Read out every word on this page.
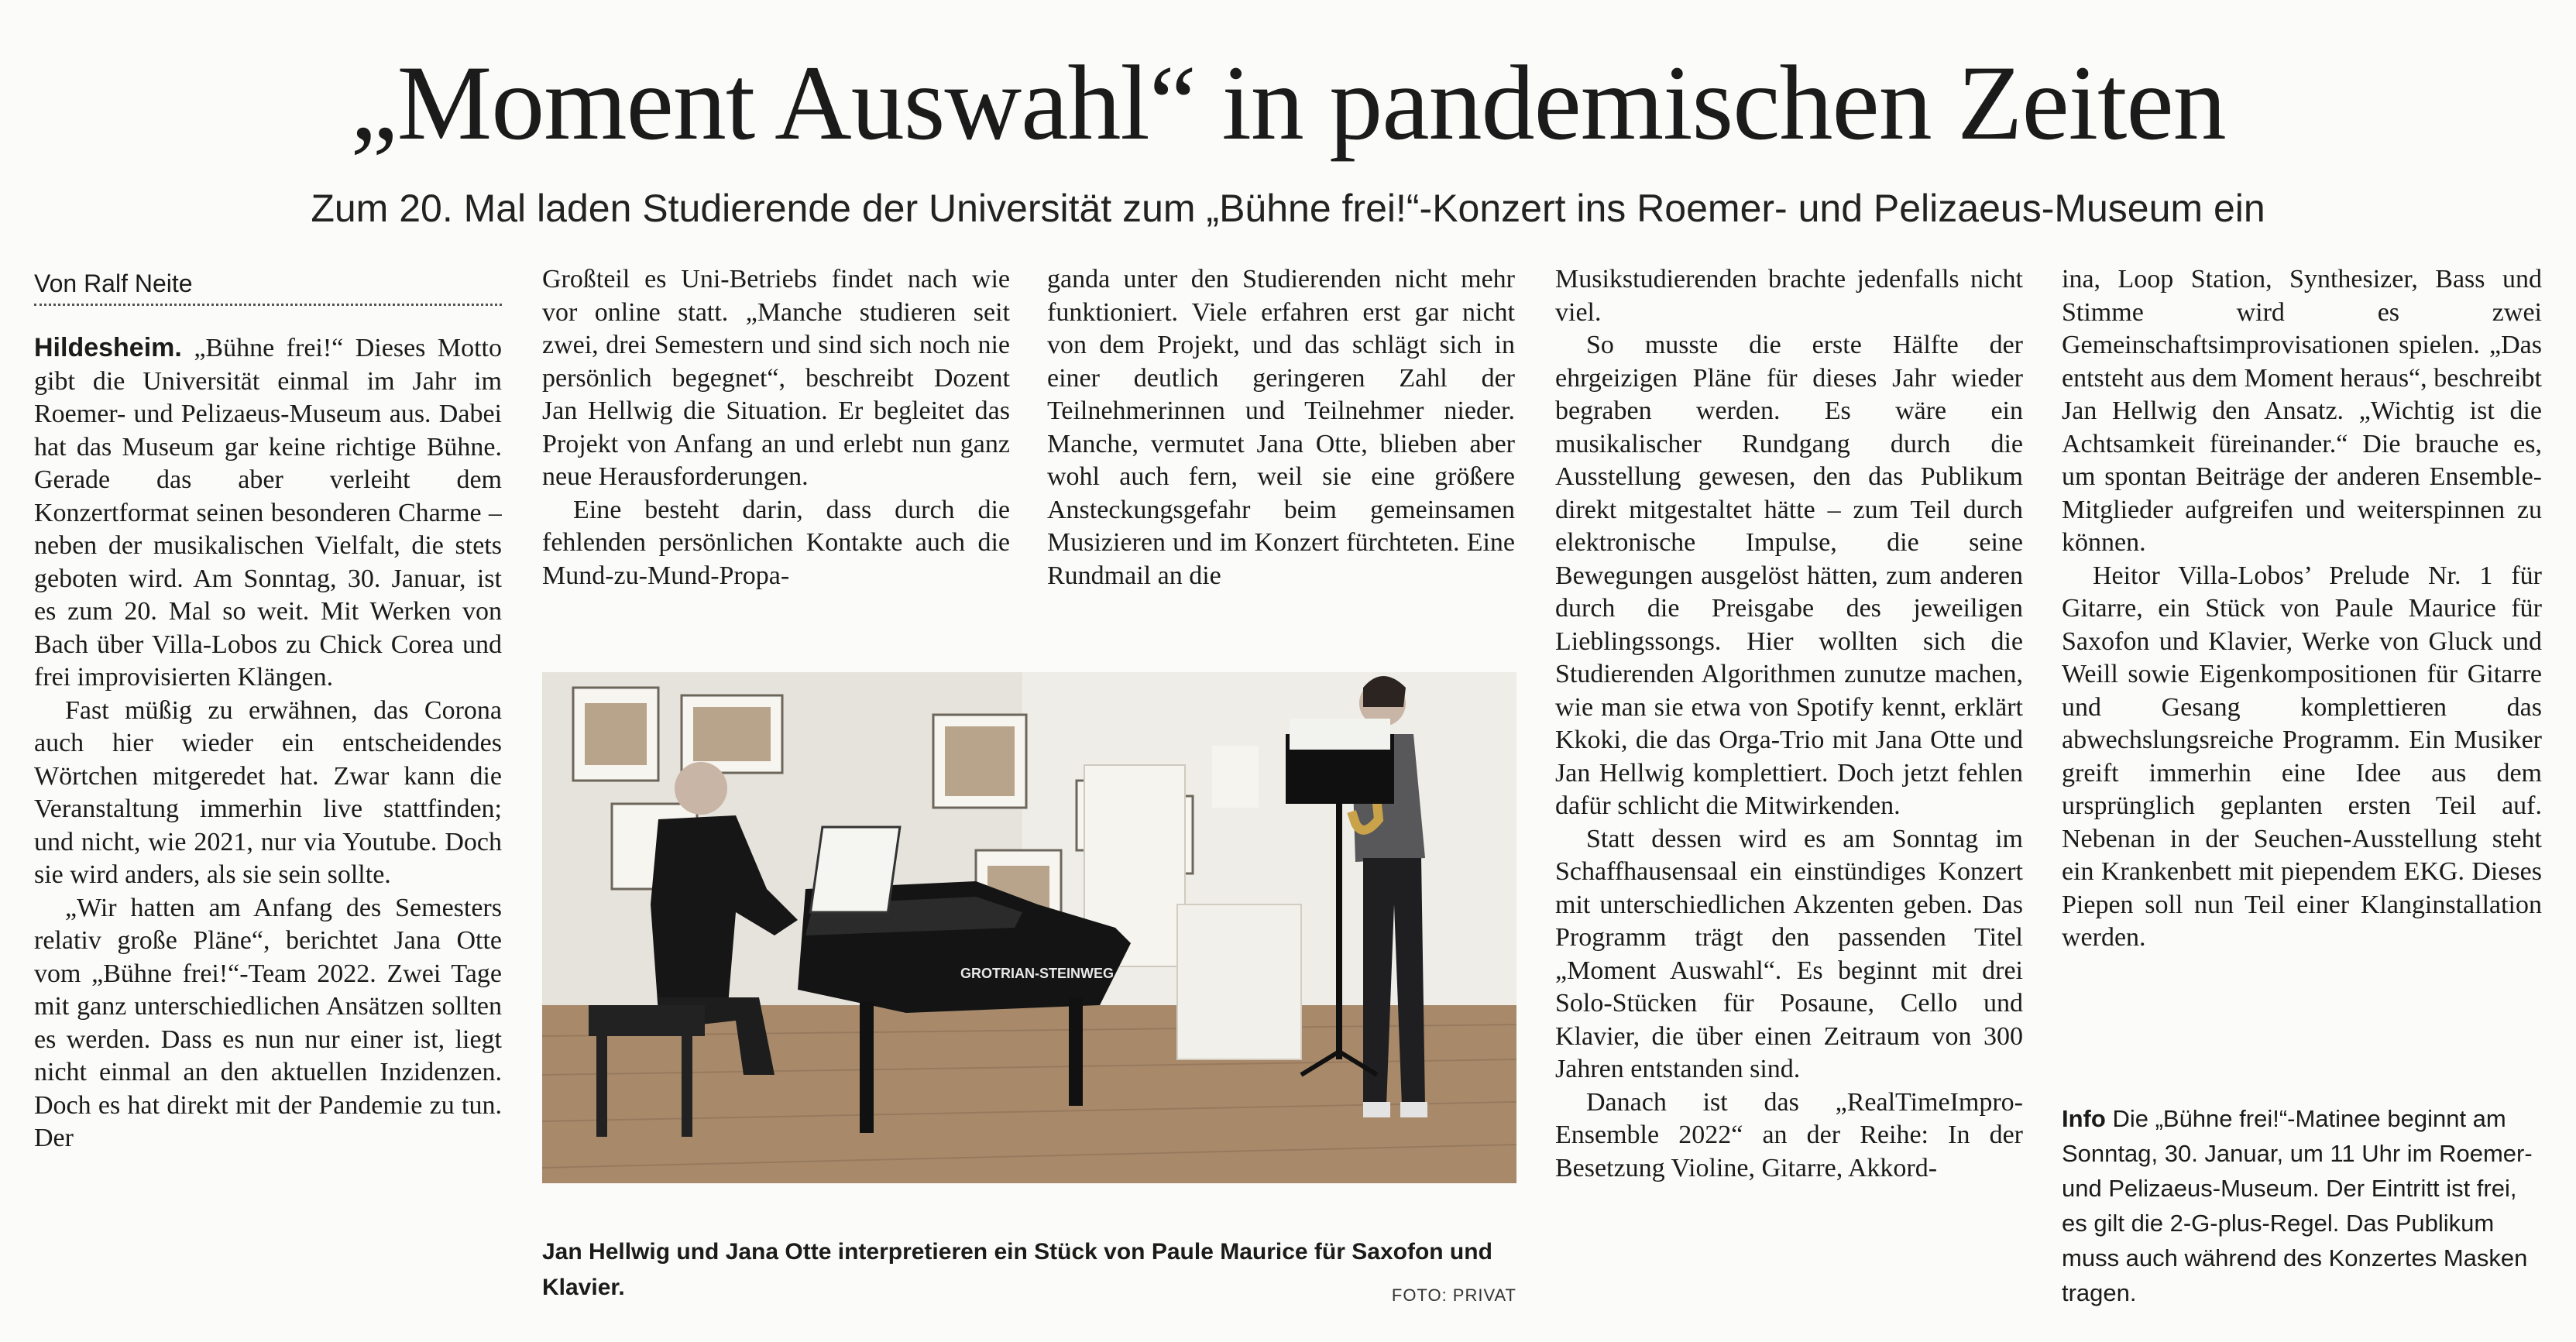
„Moment Auswahl“ in pandemischen Zeiten
Zum 20. Mal laden Studierende der Universität zum „Bühne frei!“-Konzert ins Roemer- und Pelizaeus-Museum ein
Von Ralf Neite

Hildesheim. „Bühne frei!“ Dieses Motto gibt die Universität einmal im Jahr im Roemer- und Pelizaeus-Museum aus. Dabei hat das Museum gar keine richtige Bühne. Gerade das aber verleiht dem Konzertformat seinen besonderen Charme – neben der musikalischen Vielfalt, die stets geboten wird. Am Sonntag, 30. Januar, ist es zum 20. Mal so weit. Mit Werken von Bach über Villa-Lobos zu Chick Corea und frei improvisierten Klängen.

Fast müßig zu erwähnen, das Corona auch hier wieder ein entscheidendes Wörtchen mitgeredet hat. Zwar kann die Veranstaltung immerhin live stattfinden; und nicht, wie 2021, nur via Youtube. Doch sie wird anders, als sie sein sollte.

„Wir hatten am Anfang des Semesters relativ große Pläne“, berichtet Jana Otte vom „Bühne frei!“-Team 2022. Zwei Tage mit ganz unterschiedlichen Ansätzen sollten es werden. Dass es nun nur einer ist, liegt nicht einmal an den aktuellen Inzidenzen. Doch es hat direkt mit der Pandemie zu tun. Der

Großteil es Uni-Betriebs findet nach wie vor online statt. „Manche studieren seit zwei, drei Semestern und sind sich noch nie persönlich begegnet“, beschreibt Dozent Jan Hellwig die Situation. Er begleitet das Projekt von Anfang an und erlebt nun ganz neue Herausforderungen.

Eine besteht darin, dass durch die fehlenden persönlichen Kontakte auch die Mund-zu-Mund-Propa-

ganda unter den Studierenden nicht mehr funktioniert. Viele erfahren erst gar nicht von dem Projekt, und das schlägt sich in einer deutlich geringeren Zahl der Teilnehmerinnen und Teilnehmer nieder. Manche, vermutet Jana Otte, blieben aber wohl auch fern, weil sie eine größere Ansteckungsgefahr beim gemeinsamen Musizieren und im Konzert fürchteten. Eine Rundmail an die

Musikstudierenden brachte jedenfalls nicht viel.

So musste die erste Hälfte der ehrgeizigen Pläne für dieses Jahr wieder begraben werden. Es wäre ein musikalischer Rundgang durch die Ausstellung gewesen, den das Publikum direkt mitgestaltet hätte – zum Teil durch elektronische Impulse, die seine Bewegungen ausgelöst hätten, zum anderen durch die Preisgabe des jeweiligen Lieblingssongs. Hier wollten sich die Studierenden Algorithmen zunutze machen, wie man sie etwa von Spotify kennt, erklärt Kkoki, die das Orga-Trio mit Jana Otte und Jan Hellwig komplettiert. Doch jetzt fehlen dafür schlicht die Mitwirkenden.

Statt dessen wird es am Sonntag im Schaffhausensaal ein einstündiges Konzert mit unterschiedlichen Akzenten geben. Das Programm trägt den passenden Titel „Moment Auswahl“. Es beginnt mit drei Solo-Stücken für Posaune, Cello und Klavier, die über einen Zeitraum von 300 Jahren entstanden sind.

Danach ist das „RealTimeImpro-Ensemble 2022“ an der Reihe: In der Besetzung Violine, Gitarre, Akkord-

ina, Loop Station, Synthesizer, Bass und Stimme wird es zwei Gemeinschaftsimprovisationen spielen. „Das entsteht aus dem Moment heraus“, beschreibt Jan Hellwig den Ansatz. „Wichtig ist die Achtsamkeit füreinander.“ Die brauche es, um spontan Beiträge der anderen Ensemble-Mitglieder aufgreifen und weiterspinnen zu können.

Heitor Villa-Lobos’ Prelude Nr. 1 für Gitarre, ein Stück von Paule Maurice für Saxofon und Klavier, Werke von Gluck und Weill sowie Eigenkompositionen für Gitarre und Gesang komplettieren das abwechslungsreiche Programm. Ein Musiker greift immerhin eine Idee aus dem ursprünglich geplanten ersten Teil auf. Nebenan in der Seuchen-Ausstellung steht ein Krankenbett mit piependem EKG. Dieses Piepen soll nun Teil einer Klanginstallation werden.

Info Die „Bühne frei!“-Matinee beginnt am Sonntag, 30. Januar, um 11 Uhr im Roemer- und Pelizaeus-Museum. Der Eintritt ist frei, es gilt die 2-G-plus-Regel. Das Publikum muss auch während des Konzertes Masken tragen.
GROTRIAN-STEINWEG
Jan Hellwig und Jana Otte interpretieren ein Stück von Paule Maurice für Saxofon und Klavier.	FOTO: PRIVAT
